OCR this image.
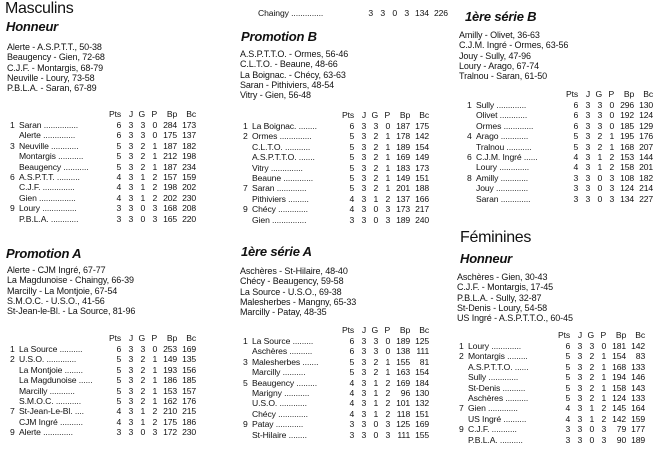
Masculins
Honneur
Alerte - A.S.P.T.T., 50-38
Beaugency - Gien, 72-68
C.J.F. - Montargis, 68-79
Neuville - Loury, 73-58
P.B.L.A. - Saran, 67-89
		Pts	J	G	P	Bp	Bc
1	Saran ...............	6	3	3	0	284	173
	Alerte ..............	6	3	3	0	175	137
3	Neuville ............	5	3	2	1	187	182
	Montargis ...........	5	3	2	1	212	198
	Beaugency ...........	5	3	2	1	187	234
6	A.S.P.T.T. ..........	4	3	1	2	157	159
	C.J.F. ..............	4	3	1	2	198	202
	Gien ................	4	3	1	2	202	230
9	Loury ...............	3	3	0	3	168	208
	P.B.L.A. ............	3	3	0	3	165	220
Promotion A
Alerte - CJM Ingré, 67-77
La Magdunoise - Chaingy, 66-39
Marcilly - La Montjoie, 67-54
S.M.O.C. - U.S.O., 41-56
St-Jean-le-Bl. - La Source, 81-96
		Pts	J	G	P	Bp	Bc
1	La Source ..........	6	3	3	0	253	169
2	U.S.O. .............	5	3	2	1	149	135
	La Montjoie ........	5	3	2	1	193	156
	La Magdunoise ......	5	3	2	1	186	185
	Marcilly ...........	5	3	2	1	153	157
	S.M.O.C. ...........	5	3	2	1	162	176
7	St-Jean-Le-Bl. ....	4	3	1	2	210	215
	CJM Ingré ..........	4	3	1	2	175	186
9	Alerte .............	3	3	0	3	172	230
Chaingy ..............	3	3	0	3	134	226
Promotion B
A.S.P.T.T.O. - Ormes, 56-46
C.L.T.O. - Beaune, 48-66
La Boignac. - Chécy, 63-63
Saran - Pithiviers, 48-54
Vitry - Gien, 56-48
		Pts	J	G	P	Bp	Bc
1	La Boignac. ........	6	3	3	0	187	175
2	Ormes ..............	5	3	2	1	178	142
	C.L.T.O. ...........	5	3	2	1	189	154
	A.S.P.T.T.O. .......	5	3	2	1	169	149
	Vitry ..............	5	3	2	1	183	173
	Beaune .............	5	3	2	1	149	151
7	Saran .............	5	3	2	1	201	188
	Pithiviers .........	4	3	1	2	137	166
9	Chécy .............	4	3	0	3	173	217
	Gien ...............	3	3	0	3	189	240
1ère série A
Aschères - St-Hilaire, 48-40
Chécy - Beaugency, 59-58
La Source - U.S.O., 69-38
Malesherbes - Mangny, 65-33
Marcilly - Patay, 48-35
		Pts	J	G	P	Bp	Bc
1	La Source .........	6	3	3	0	189	125
	Aschères ..........	6	3	3	0	138	111
3	Malesherbes .......	5	3	2	1	155	81
	Marcilly ..........	5	3	2	1	163	154
5	Beaugency .........	4	3	1	2	169	184
	Marigny ...........	4	3	1	2	96	130
	U.S.O. ............	4	3	1	2	101	132
	Chécy .............	4	3	1	2	118	151
9	Patay ............	3	3	0	3	125	169
	St-Hilaire ........	3	3	0	3	111	155
1ère série B
Amilly - Olivet, 36-63
C.J.M. Ingré - Ormes, 63-56
Jouy - Sully, 47-96
Loury - Arago, 67-74
Tralnou - Saran, 61-50
		Pts	J	G	P	Bp	Bc
1	Sully .............	6	3	3	0	296	130
	Olivet ............	6	3	3	0	192	124
	Ormes .............	6	3	3	0	185	129
4	Arago ............	5	3	2	1	195	176
	Tralnou ...........	5	3	2	1	168	207
6	C.J.M. Ingré ......	4	3	1	2	153	144
	Loury .............	4	3	1	2	158	201
8	Amilly ............	3	3	0	3	108	182
	Jouy ..............	3	3	0	3	124	214
	Saran .............	3	3	0	3	134	227
Féminines
Honneur
Aschères - Gien, 30-43
C.J.F. - Montargis, 17-45
P.B.L.A. - Sully, 32-87
St-Denis - Loury, 54-58
US Ingré - A.S.P.T.T.O., 60-45
		Pts	J	G	P	Bp	Bc
1	Loury .............	6	3	3	0	181	142
2	Montargis .........	5	3	2	1	154	83
	A.S.P.T.T.O. ......	5	3	2	1	168	133
	Sully .............	5	3	2	1	194	146
	St-Denis ..........	5	3	2	1	158	143
	Aschères ..........	5	3	2	1	124	133
7	Gien .............	4	3	1	2	145	164
	US Ingré ..........	4	3	1	2	142	159
9	C.J.F. ...........	3	3	0	3	79	177
	P.B.L.A. ..........	3	3	0	3	90	189
